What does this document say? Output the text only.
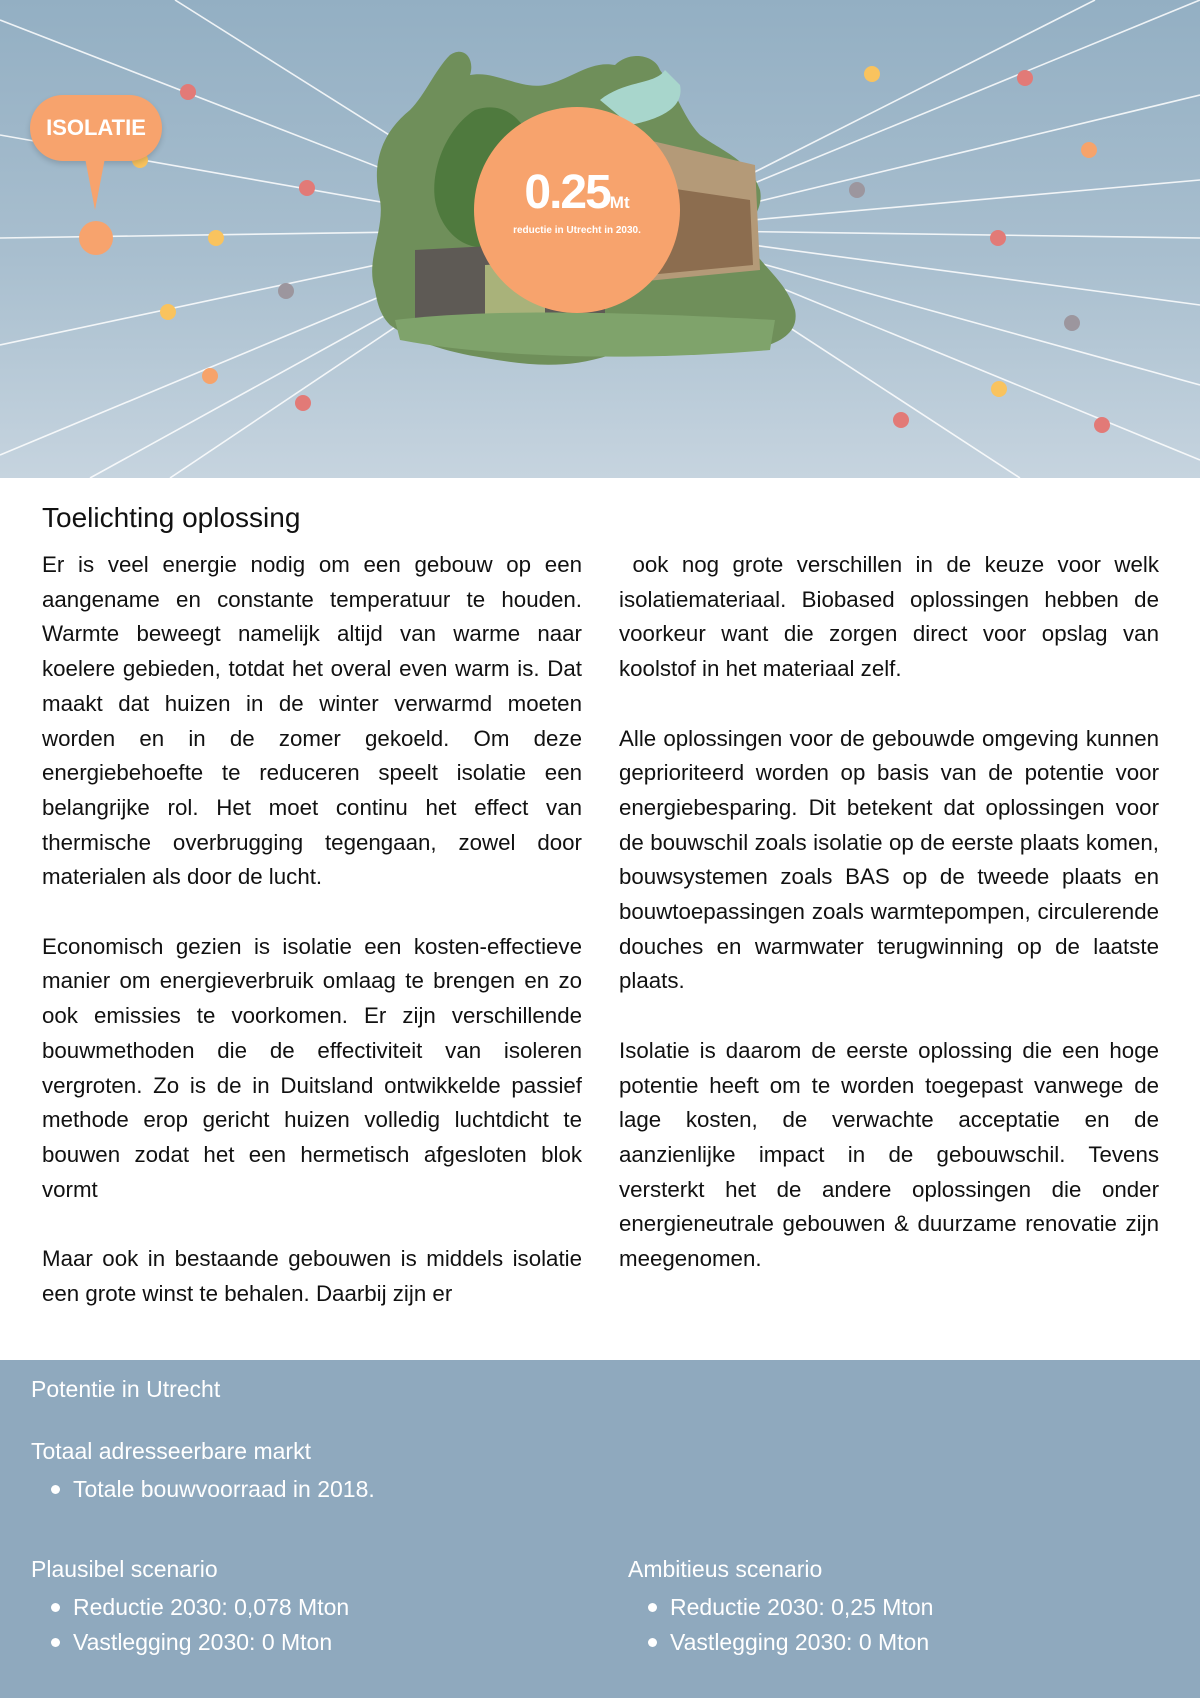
0.25Mt
reductie in Utrecht in 2030.
ISOLATIE
Toelichting oplossing

Er is veel energie nodig om een gebouw op een aangename en constante temperatuur te houden. Warmte beweegt namelijk altijd van warme naar koelere gebieden, totdat het overal even warm is. Dat maakt dat huizen in de winter verwarmd moeten worden en in de zomer gekoeld. Om deze energiebehoefte te reduceren speelt isolatie een belangrijke rol. Het moet continu het effect van thermische overbrugging tegengaan, zowel door materialen als door de lucht.

Economisch gezien is isolatie een kosten-effectieve manier om energieverbruik omlaag te brengen en zo ook emissies te voorkomen. Er zijn verschillende bouwmethoden die de effectiviteit van isoleren vergroten. Zo is de in Duitsland ontwikkelde passief methode erop gericht huizen volledig luchtdicht te bouwen zodat het een hermetisch afgesloten blok vormt

Maar ook in bestaande gebouwen is middels isolatie een grote winst te behalen. Daarbij zijn er

ook nog grote verschillen in de keuze voor welk isolatiemateriaal. Biobased oplossingen hebben de voorkeur want die zorgen direct voor opslag van koolstof in het materiaal zelf.

Alle oplossingen voor de gebouwde omgeving kunnen geprioriteerd worden op basis van de potentie voor energiebesparing. Dit betekent dat oplossingen voor de bouwschil zoals isolatie op de eerste plaats komen, bouwsystemen zoals BAS op de tweede plaats en bouwtoepassingen zoals warmtepompen, circulerende douches en warmwater terugwinning op de laatste plaats.

Isolatie is daarom de eerste oplossing die een hoge potentie heeft om te worden toegepast vanwege de lage kosten, de verwachte acceptatie en de aanzienlijke impact in de gebouwschil. Tevens versterkt het de andere oplossingen die onder energieneutrale gebouwen & duurzame renovatie zijn meegenomen.

Potentie in Utrecht
Totaal adresseerbare markt
Totale bouwvoorraad in 2018.
Plausibel scenario
Reductie 2030: 0,078 Mton
Vastlegging 2030: 0 Mton
Ambitieus scenario
Reductie 2030: 0,25 Mton
Vastlegging 2030: 0 Mton
